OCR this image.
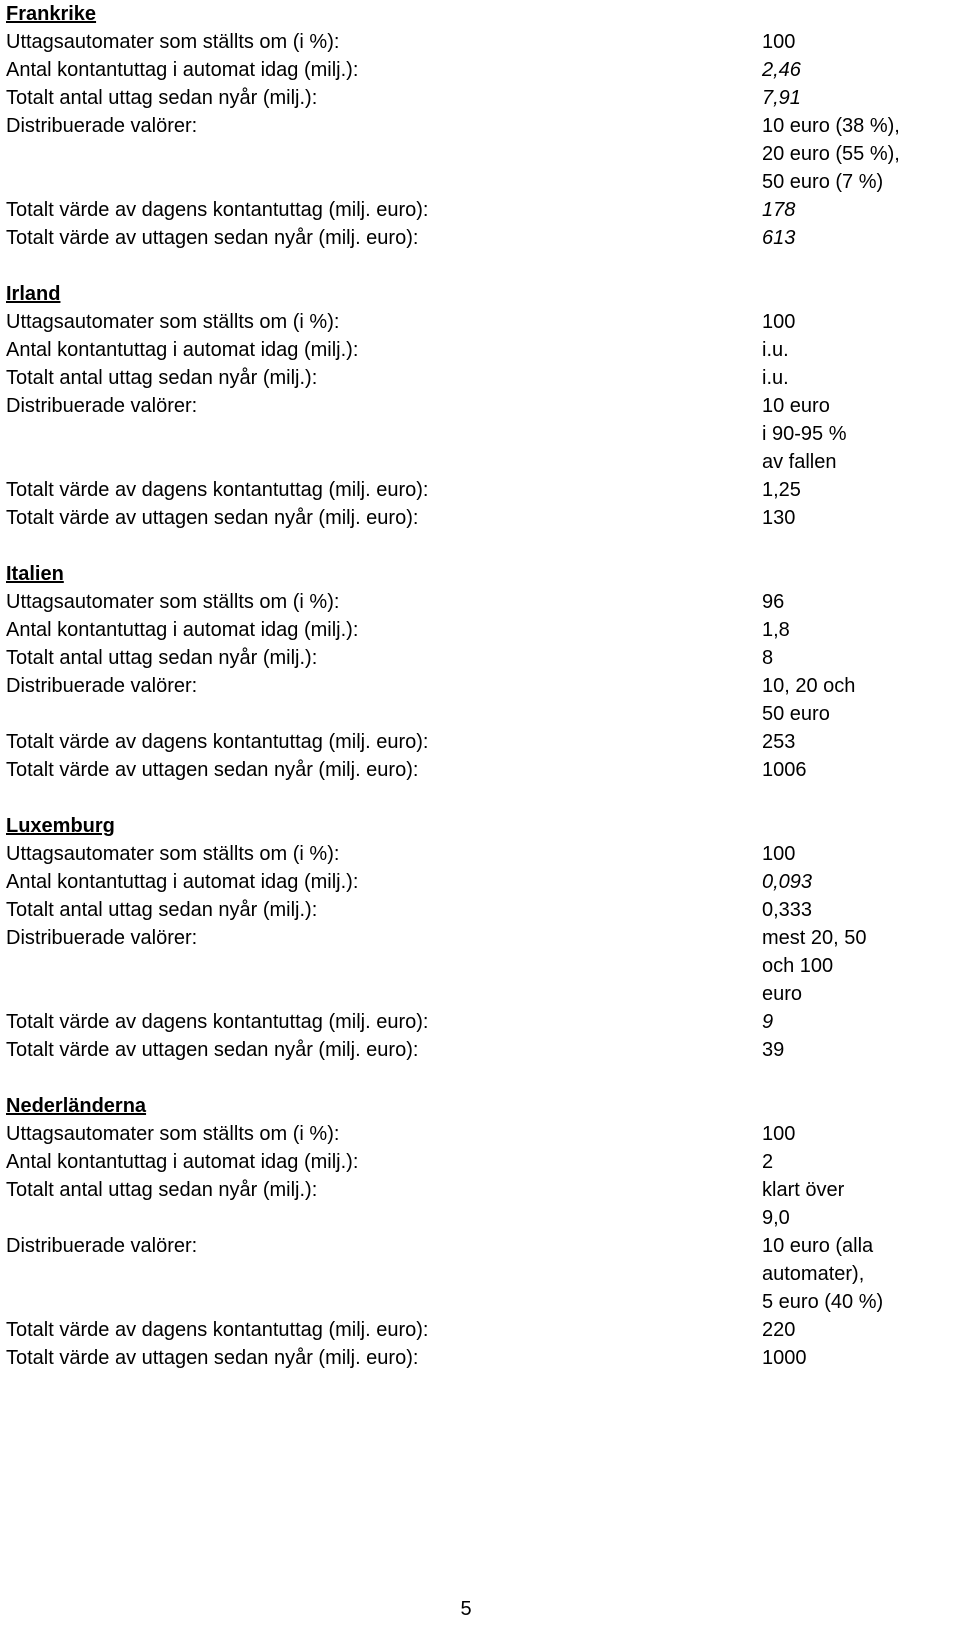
Frankrike
Uttagsautomater som ställts om (i %):	100
Antal kontantuttag i automat idag (milj.):	2,46
Totalt antal uttag sedan nyår (milj.):	7,91
Distribuerade valörer:	10 euro (38 %),
20 euro (55 %),
50 euro (7 %)
Totalt värde av dagens kontantuttag (milj. euro):	178
Totalt värde av uttagen sedan nyår (milj. euro):	613
Irland
Uttagsautomater som ställts om (i %):	100
Antal kontantuttag i automat idag (milj.):	i.u.
Totalt antal uttag sedan nyår (milj.):	i.u.
Distribuerade valörer:	10 euro
i 90-95 %
av fallen
Totalt värde av dagens kontantuttag (milj. euro):	1,25
Totalt värde av uttagen sedan nyår (milj. euro):	130
Italien
Uttagsautomater som ställts om (i %):	96
Antal kontantuttag i automat idag (milj.):	1,8
Totalt antal uttag sedan nyår (milj.):	8
Distribuerade valörer:	10, 20 och
50 euro
Totalt värde av dagens kontantuttag (milj. euro):	253
Totalt värde av uttagen sedan nyår (milj. euro):	1006
Luxemburg
Uttagsautomater som ställts om (i %):	100
Antal kontantuttag i automat idag (milj.):	0,093
Totalt antal uttag sedan nyår (milj.):	0,333
Distribuerade valörer:	mest 20, 50
och 100
euro
Totalt värde av dagens kontantuttag (milj. euro):	9
Totalt värde av uttagen sedan nyår (milj. euro):	39
Nederländerna
Uttagsautomater som ställts om (i %):	100
Antal kontantuttag i automat idag (milj.):	2
Totalt antal uttag sedan nyår (milj.):	klart över
9,0
Distribuerade valörer:	10 euro (alla
automater),
5 euro (40 %)
Totalt värde av dagens kontantuttag (milj. euro):	220
Totalt värde av uttagen sedan nyår (milj. euro):	1000
5
